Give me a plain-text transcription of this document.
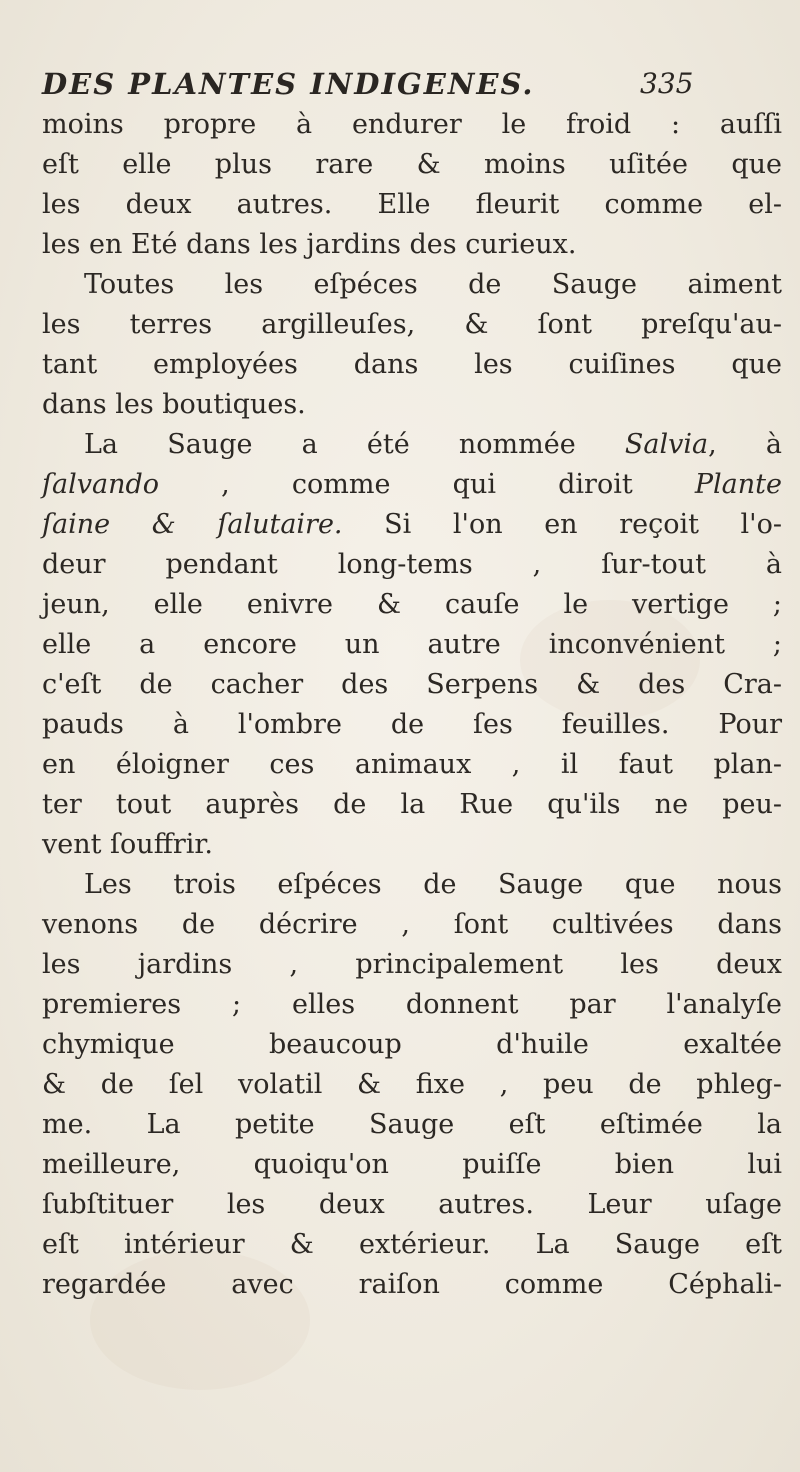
DES PLANTES INDIGENES.	335
moins propre à endurer le froid : auſſi
eſt elle plus rare & moins uſitée que
les deux autres. Elle fleurit comme el-
les en Eté dans les jardins des curieux.
Toutes les eſpéces de Sauge aiment
les terres argilleuſes, & ſont preſqu'au-
tant employées dans les cuiſines que
dans les boutiques.
La Sauge a été nommée Salvia, à
ſalvando , comme qui diroit Plante
ſaine & ſalutaire. Si l'on en reçoit l'o-
deur pendant long-tems , ſur-tout à
jeun, elle enivre & cauſe le vertige ;
elle a encore un autre inconvénient ;
c'eſt de cacher des Serpens & des Cra-
pauds à l'ombre de ſes feuilles. Pour
en éloigner ces animaux , il faut plan-
ter tout auprès de la Rue qu'ils ne peu-
vent ſouffrir.
Les trois eſpéces de Sauge que nous
venons de décrire , ſont cultivées dans
les jardins , principalement les deux
premieres ; elles donnent par l'analyſe
chymique beaucoup d'huile exaltée
& de ſel volatil & fixe , peu de phleg-
me. La petite Sauge eſt eſtimée la
meilleure, quoiqu'on puiſſe bien lui
ſubſtituer les deux autres. Leur uſage
eſt intérieur & extérieur. La Sauge eſt
regardée avec raiſon comme Céphali-
